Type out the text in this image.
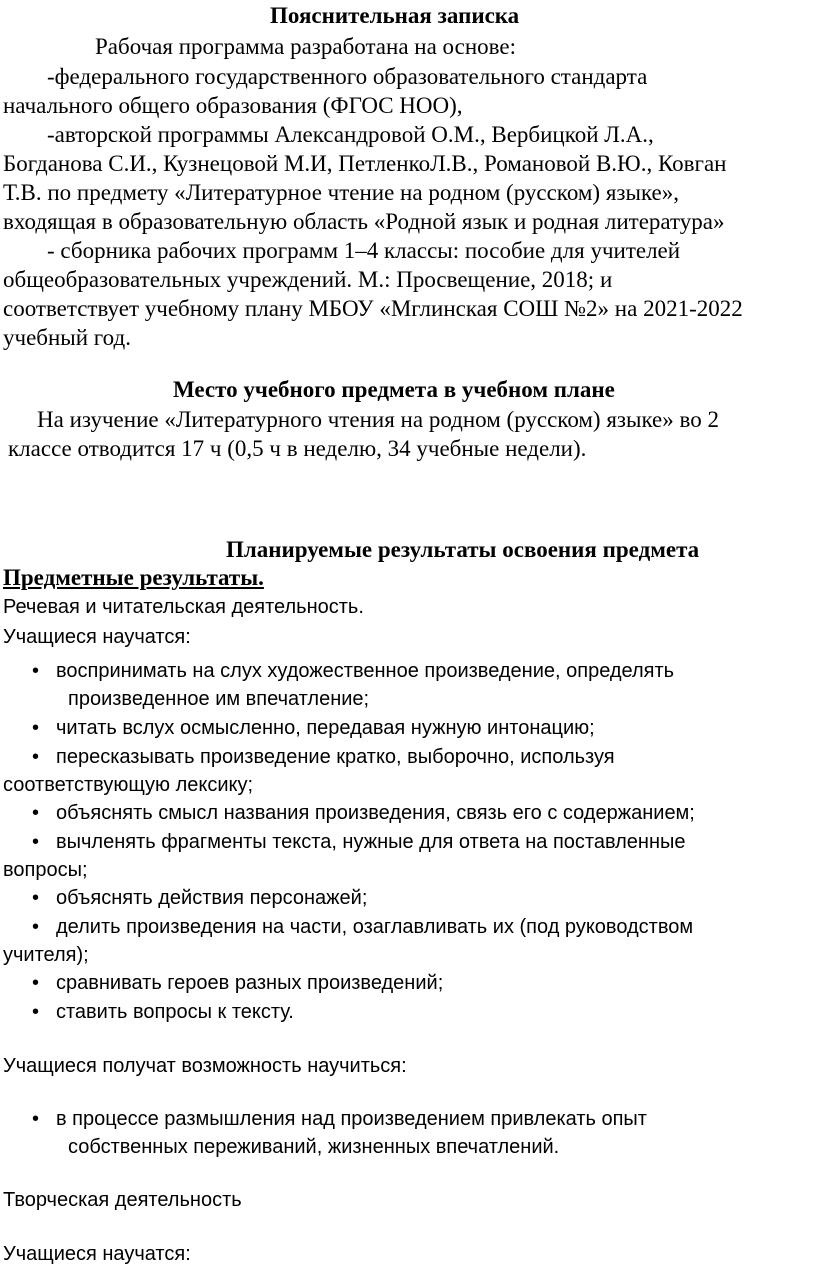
Пояснительная записка
Рабочая программа разработана на основе:
-федерального государственного образовательного стандарта
начального общего образования (ФГОС НОО),
-авторской программы Александровой О.М., Вербицкой Л.А.,
Богданова С.И., Кузнецовой М.И, ПетленкоЛ.В., Романовой В.Ю., Ковган
Т.В. по предмету «Литературное чтение на родном (русском) языке»,
входящая в образовательную область «Родной язык и родная литература»
- сборника рабочих программ 1–4 классы: пособие для учителей
общеобразовательных учреждений. М.: Просвещение, 2018; и
соответствует учебному плану МБОУ «Мглинская СОШ №2» на 2021-2022
учебный год.
Место учебного предмета в учебном плане
На изучение «Литературного чтения на родном (русском) языке» во 2
классе отводится 17 ч (0,5 ч в неделю, 34 учебные недели).
Планируемые результаты освоения предмета
Предметные результаты.
Речевая и читательская деятельность.
Учащиеся научатся:
• воспринимать на слух художественное произведение, определять
произведенное им впечатление;
• читать вслух осмысленно, передавая нужную интонацию;
• пересказывать произведение кратко, выборочно, используя
соответствующую лексику;
• объяснять смысл названия произведения, связь его с содержанием;
• вычленять фрагменты текста, нужные для ответа на поставленные
вопросы;
• объяснять действия персонажей;
• делить произведения на части, озаглавливать их (под руководством
учителя);
• сравнивать героев разных произведений;
• ставить вопросы к тексту.
Учащиеся получат возможность научиться:
• в процессе размышления над произведением привлекать опыт
собственных переживаний, жизненных впечатлений.
Творческая деятельность
Учащиеся научатся:
